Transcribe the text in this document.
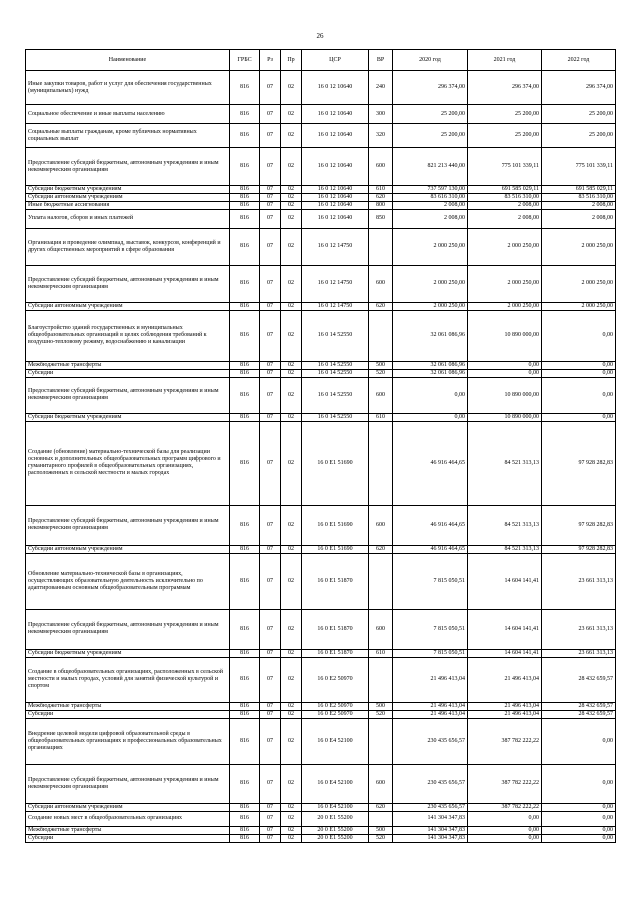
26
Наименование	ГРБС	Рз	Пр	ЦСР	ВР	2020 год	2021 год	2022 год
Иные закупки товаров, работ и услуг для обеспечения государственных (муниципальных) нужд	816	07	02	16 0 12 10640	240	296 374,00	296 374,00	296 374,00
Социальное обеспечение и иные выплаты населению	816	07	02	16 0 12 10640	300	25 200,00	25 200,00	25 200,00
Социальные выплаты гражданам, кроме публичных нормативных социальных выплат	816	07	02	16 0 12 10640	320	25 200,00	25 200,00	25 200,00
Предоставление субсидий бюджетным, автономным учреждениям и иным некоммерческим организациям	816	07	02	16 0 12 10640	600	821 213 440,00	775 101 339,11	775 101 339,11
Субсидии бюджетным учреждениям	816	07	02	16 0 12 10640	610	737 597 130,00	691 585 029,11	691 585 029,11
Субсидии автономным учреждениям	816	07	02	16 0 12 10640	620	83 616 310,00	83 516 310,00	83 516 310,00
Иные бюджетные ассигнования	816	07	02	16 0 12 10640	800	2 008,00	2 008,00	2 008,00
Уплата налогов, сборов и иных платежей	816	07	02	16 0 12 10640	850	2 008,00	2 008,00	2 008,00
Организация и проведение олимпиад, выставок, конкурсов, конференций и других общественных мероприятий в сфере образования	816	07	02	16 0 12 14750		2 000 250,00	2 000 250,00	2 000 250,00
Предоставление субсидий бюджетным, автономным учреждениям и иным некоммерческим организациям	816	07	02	16 0 12 14750	600	2 000 250,00	2 000 250,00	2 000 250,00
Субсидии автономным учреждениям	816	07	02	16 0 12 14750	620	2 000 250,00	2 000 250,00	2 000 250,00
Благоустройство зданий государственных и муниципальных общеобразовательных организаций в целях соблюдения требований к воздушно-тепловому режиму, водоснабжению и канализации	816	07	02	16 0 14 52550		32 061 086,96	10 890 000,00	0,00
Межбюджетные трансферты	816	07	02	16 0 14 52550	500	32 061 086,96	0,00	0,00
Субсидии	816	07	02	16 0 14 52550	520	32 061 086,96	0,00	0,00
Предоставление субсидий бюджетным, автономным учреждениям и иным некоммерческим организациям	816	07	02	16 0 14 52550	600	0,00	10 890 000,00	0,00
Субсидии бюджетным учреждениям	816	07	02	16 0 14 52550	610	0,00	10 890 000,00	0,00
Создание (обновление) материально-технической базы для реализации основных и дополнительных общеобразовательных программ цифрового и гуманитарного профилей в общеобразовательных организациях, расположенных в сельской местности и малых городах	816	07	02	16 0 E1 51690		46 916 464,65	84 521 313,13	97 928 282,83
Предоставление субсидий бюджетным, автономным учреждениям и иным некоммерческим организациям	816	07	02	16 0 E1 51690	600	46 916 464,65	84 521 313,13	97 928 282,83
Субсидии автономным учреждениям	816	07	02	16 0 E1 51690	620	46 916 464,65	84 521 313,13	97 928 282,83
Обновление материально-технической базы в организациях, осуществляющих образовательную деятельность исключительно по адаптированным основным общеобразовательным программам	816	07	02	16 0 E1 51870		7 815 050,51	14 604 141,41	23 661 313,13
Предоставление субсидий бюджетным, автономным учреждениям и иным некоммерческим организациям	816	07	02	16 0 E1 51870	600	7 815 050,51	14 604 141,41	23 661 313,13
Субсидии бюджетным учреждениям	816	07	02	16 0 E1 51870	610	7 815 050,51	14 604 141,41	23 661 313,13
Создание в общеобразовательных организациях, расположенных в сельской местности и малых городах, условий для занятий физической культурой и спортом	816	07	02	16 0 E2 50970		21 496 413,04	21 496 413,04	28 432 659,57
Межбюджетные трансферты	816	07	02	16 0 E2 50970	500	21 496 413,04	21 496 413,04	28 432 659,57
Субсидии	816	07	02	16 0 E2 50970	520	21 496 413,04	21 496 413,04	28 432 659,57
Внедрение целевой модели цифровой образовательной среды в общеобразовательных организациях и профессиональных образовательных организациях	816	07	02	16 0 E4 52100		230 435 656,57	387 782 222,22	0,00
Предоставление субсидий бюджетным, автономным учреждениям и иным некоммерческим организациям	816	07	02	16 0 E4 52100	600	230 435 656,57	387 782 222,22	0,00
Субсидии автономным учреждениям	816	07	02	16 0 E4 52100	620	230 435 656,57	387 782 222,22	0,00
Создание новых мест в общеобразовательных организациях	816	07	02	20 0 E1 55200		141 304 347,83	0,00	0,00
Межбюджетные трансферты	816	07	02	20 0 E1 55200	500	141 304 347,83	0,00	0,00
Субсидии	816	07	02	20 0 E1 55200	520	141 304 347,83	0,00	0,00
